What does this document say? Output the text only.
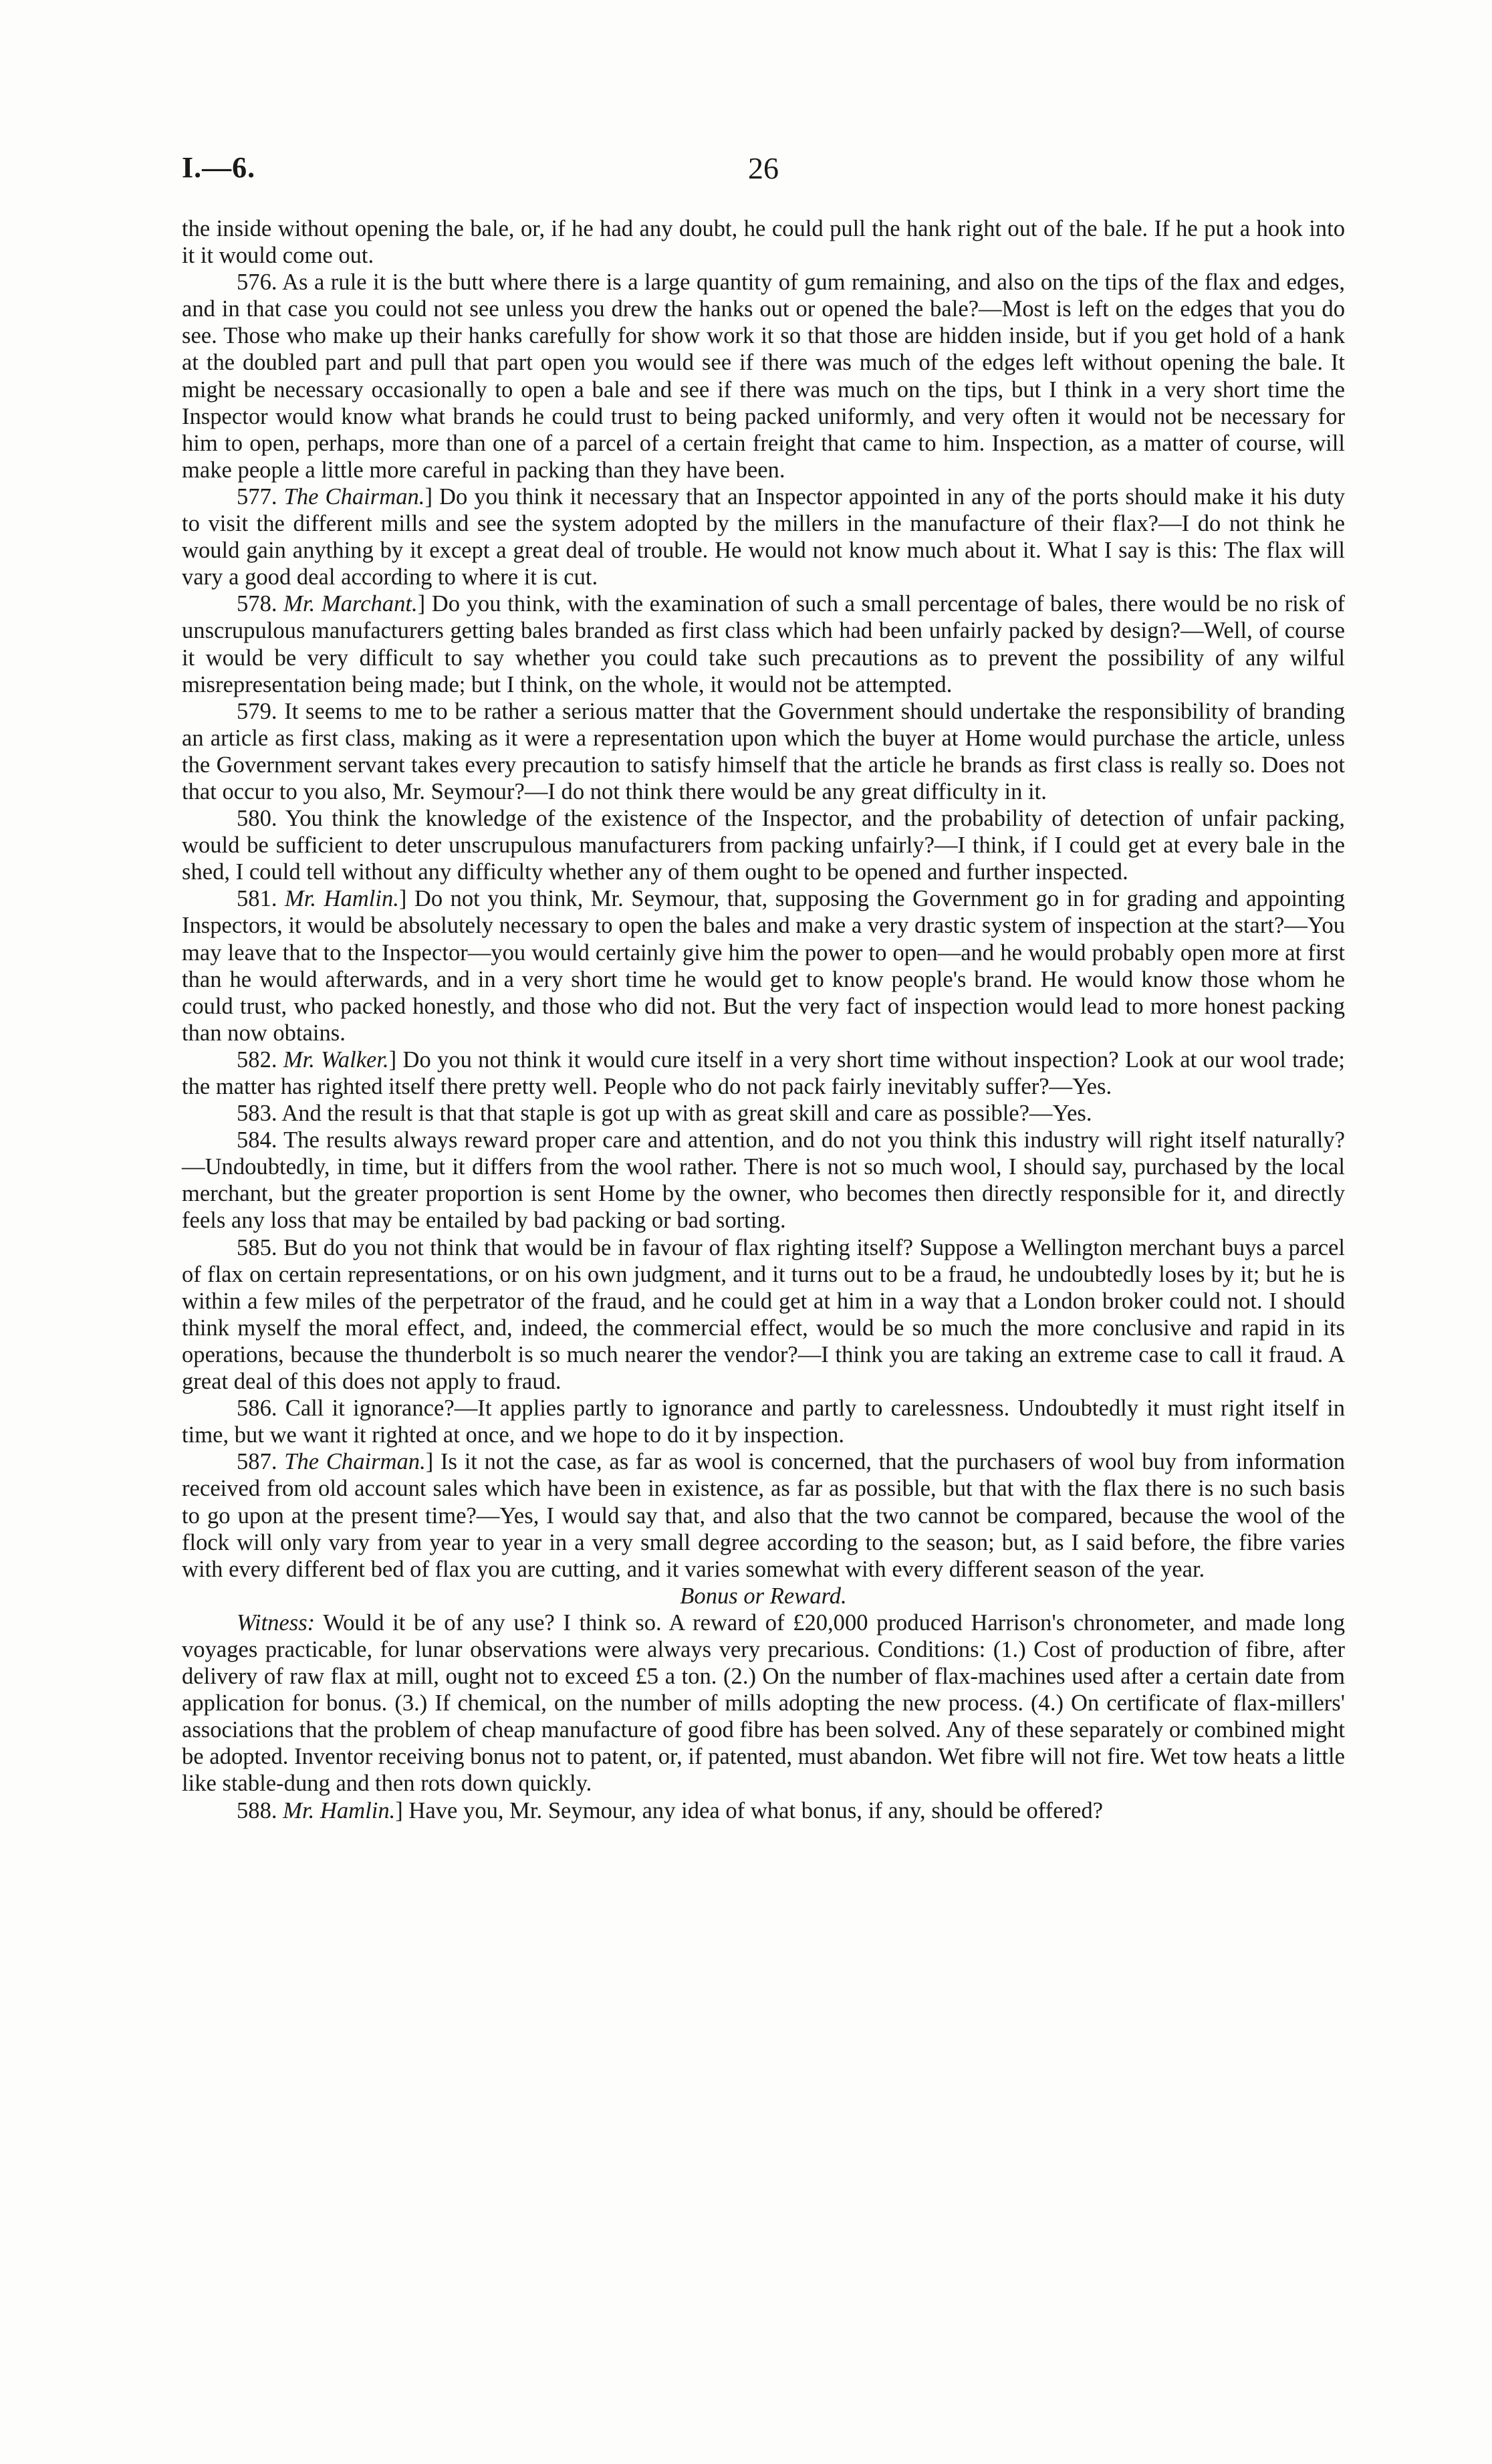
I.—6.	26

the inside without opening the bale, or, if he had any doubt, he could pull the hank right out of the bale. If he put a hook into it it would come out.

576. As a rule it is the butt where there is a large quantity of gum remaining, and also on the tips of the flax and edges, and in that case you could not see unless you drew the hanks out or opened the bale?—Most is left on the edges that you do see. Those who make up their hanks carefully for show work it so that those are hidden inside, but if you get hold of a hank at the doubled part and pull that part open you would see if there was much of the edges left without opening the bale. It might be necessary occasionally to open a bale and see if there was much on the tips, but I think in a very short time the Inspector would know what brands he could trust to being packed uniformly, and very often it would not be necessary for him to open, perhaps, more than one of a parcel of a certain freight that came to him. Inspection, as a matter of course, will make people a little more careful in packing than they have been.

577. The Chairman.] Do you think it necessary that an Inspector appointed in any of the ports should make it his duty to visit the different mills and see the system adopted by the millers in the manufacture of their flax?—I do not think he would gain anything by it except a great deal of trouble. He would not know much about it. What I say is this: The flax will vary a good deal according to where it is cut.

578. Mr. Marchant.] Do you think, with the examination of such a small percentage of bales, there would be no risk of unscrupulous manufacturers getting bales branded as first class which had been unfairly packed by design?—Well, of course it would be very difficult to say whether you could take such precautions as to prevent the possibility of any wilful misrepresentation being made; but I think, on the whole, it would not be attempted.

579. It seems to me to be rather a serious matter that the Government should undertake the responsibility of branding an article as first class, making as it were a representation upon which the buyer at Home would purchase the article, unless the Government servant takes every precaution to satisfy himself that the article he brands as first class is really so. Does not that occur to you also, Mr. Seymour?—I do not think there would be any great difficulty in it.

580. You think the knowledge of the existence of the Inspector, and the probability of detection of unfair packing, would be sufficient to deter unscrupulous manufacturers from packing unfairly?—I think, if I could get at every bale in the shed, I could tell without any difficulty whether any of them ought to be opened and further inspected.

581. Mr. Hamlin.] Do not you think, Mr. Seymour, that, supposing the Government go in for grading and appointing Inspectors, it would be absolutely necessary to open the bales and make a very drastic system of inspection at the start?—You may leave that to the Inspector—you would certainly give him the power to open—and he would probably open more at first than he would afterwards, and in a very short time he would get to know people's brand. He would know those whom he could trust, who packed honestly, and those who did not. But the very fact of inspection would lead to more honest packing than now obtains.

582. Mr. Walker.] Do you not think it would cure itself in a very short time without inspection? Look at our wool trade; the matter has righted itself there pretty well. People who do not pack fairly inevitably suffer?—Yes.

583. And the result is that that staple is got up with as great skill and care as possible?—Yes.

584. The results always reward proper care and attention, and do not you think this industry will right itself naturally?—Undoubtedly, in time, but it differs from the wool rather. There is not so much wool, I should say, purchased by the local merchant, but the greater proportion is sent Home by the owner, who becomes then directly responsible for it, and directly feels any loss that may be entailed by bad packing or bad sorting.

585. But do you not think that would be in favour of flax righting itself? Suppose a Wellington merchant buys a parcel of flax on certain representations, or on his own judgment, and it turns out to be a fraud, he undoubtedly loses by it; but he is within a few miles of the perpetrator of the fraud, and he could get at him in a way that a London broker could not. I should think myself the moral effect, and, indeed, the commercial effect, would be so much the more conclusive and rapid in its operations, because the thunderbolt is so much nearer the vendor?—I think you are taking an extreme case to call it fraud. A great deal of this does not apply to fraud.

586. Call it ignorance?—It applies partly to ignorance and partly to carelessness. Undoubtedly it must right itself in time, but we want it righted at once, and we hope to do it by inspection.

587. The Chairman.] Is it not the case, as far as wool is concerned, that the purchasers of wool buy from information received from old account sales which have been in existence, as far as possible, but that with the flax there is no such basis to go upon at the present time?—Yes, I would say that, and also that the two cannot be compared, because the wool of the flock will only vary from year to year in a very small degree according to the season; but, as I said before, the fibre varies with every different bed of flax you are cutting, and it varies somewhat with every different season of the year.

Bonus or Reward.

Witness: Would it be of any use? I think so. A reward of £20,000 produced Harrison's chronometer, and made long voyages practicable, for lunar observations were always very precarious. Conditions: (1.) Cost of production of fibre, after delivery of raw flax at mill, ought not to exceed £5 a ton. (2.) On the number of flax-machines used after a certain date from application for bonus. (3.) If chemical, on the number of mills adopting the new process. (4.) On certificate of flax-millers' associations that the problem of cheap manufacture of good fibre has been solved. Any of these separately or combined might be adopted. Inventor receiving bonus not to patent, or, if patented, must abandon. Wet fibre will not fire. Wet tow heats a little like stable-dung and then rots down quickly.

588. Mr. Hamlin.] Have you, Mr. Seymour, any idea of what bonus, if any, should be offered?
